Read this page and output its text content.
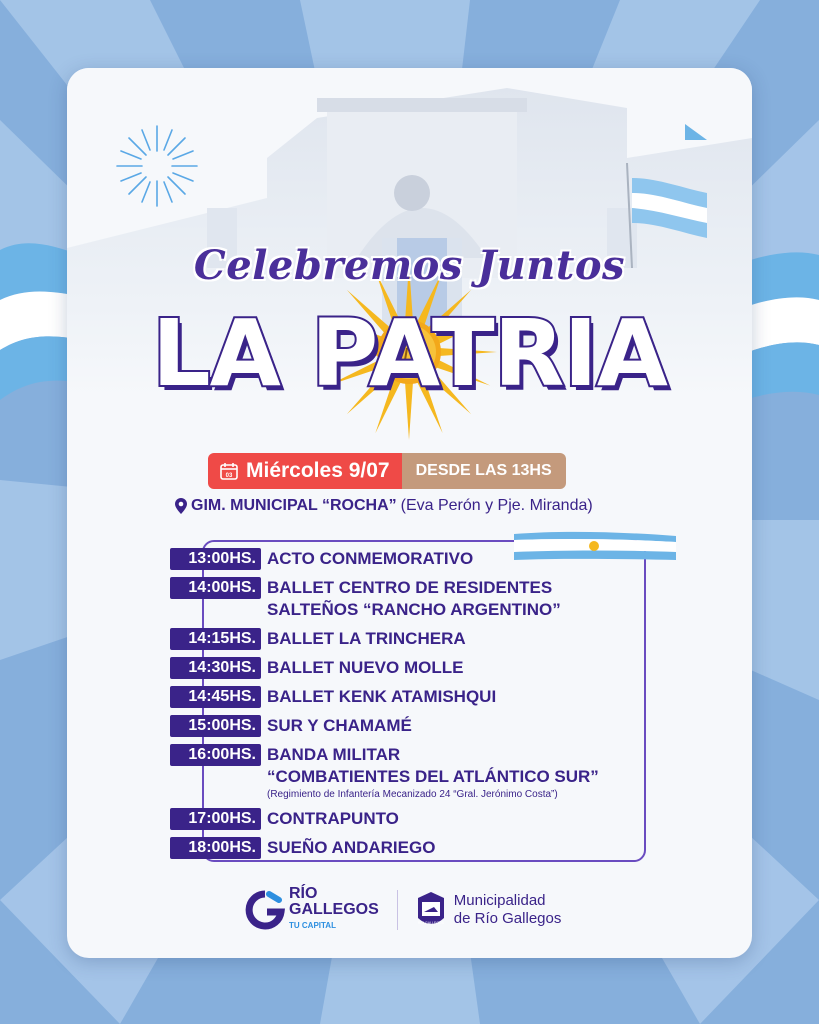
Celebremos Juntos
LA PATRIA
03 Miércoles 9/07	DESDE LAS 13HS
GIM. MUNICIPAL “ROCHA” (Eva Perón y Pje. Miranda)
13:00HS. ACTO CONMEMORATIVO
14:00HS. BALLET CENTRO DE RESIDENTES
SALTEÑOS “RANCHO ARGENTINO”
14:15HS. BALLET LA TRINCHERA
14:30HS. BALLET NUEVO MOLLE
14:45HS. BALLET KENK ATAMISHQUI
15:00HS. SUR Y CHAMAMÉ
16:00HS. BANDA MILITAR
“COMBATIENTES DEL ATLÁNTICO SUR”
(Regimiento de Infantería Mecanizado 24 “Gral. Jerónimo Costa”)
17:00HS. CONTRAPUNTO
18:00HS. SUEÑO ANDARIEGO
RÍO
GALLEGOS
TU CAPITAL	RIO GALLEGOS
Municipalidad
de Río Gallegos
